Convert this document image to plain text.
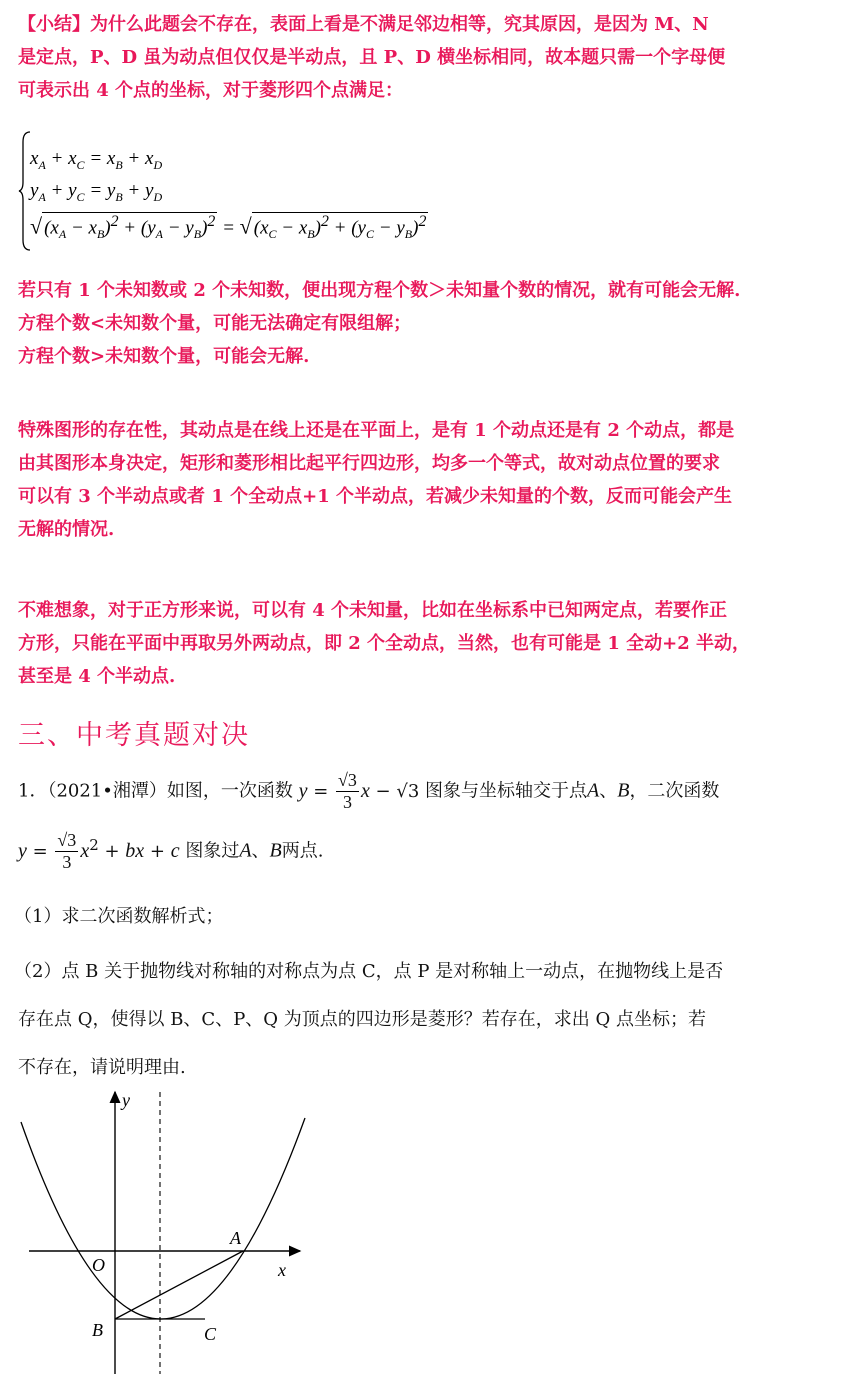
【小结】为什么此题会不存在，表面上看是不满足邻边相等，究其原因，是因为 M、N
是定点，P、D 虽为动点但仅仅是半动点，且 P、D 横坐标相同，故本题只需一个字母便
可表示出 4 个点的坐标，对于菱形四个点满足：
$x_A + x_C = x_B + x_D$
$y_A + y_C = y_B + y_D$
√ $(x_A - x_B)^2 + (y_A - y_B)^2$ = √ $(x_C - x_B)^2 + (y_C - y_B)^2$
若只有 1 个未知数或 2 个未知数，便出现方程个数＞未知量个数的情况，就有可能会无解.
方程个数<未知数个量，可能无法确定有限组解；
方程个数>未知数个量，可能会无解.
特殊图形的存在性，其动点是在线上还是在平面上，是有 1 个动点还是有 2 个动点，都是
由其图形本身决定，矩形和菱形相比起平行四边形，均多一个等式，故对动点位置的要求
可以有 3 个半动点或者 1 个全动点+1 个半动点，若减少未知量的个数，反而可能会产生
无解的情况.
不难想象，对于正方形来说，可以有 4 个未知量，比如在坐标系中已知两定点，若要作正
方形，只能在平面中再取另外两动点，即 2 个全动点，当然，也有可能是 1 全动+2 半动，
甚至是 4 个半动点.
三、中考真题对决
1．（2021•湘潭）如图，一次函数 $y = \frac{√3}{3}$ x − √3 图象与坐标轴交于点A、B，二次函数
$y = \frac{√3}{3} x^2$ + bx + c 图象过A、B两点.
（1）求二次函数解析式；
（2）点 B 关于抛物线对称轴的对称点为点 C，点 P 是对称轴上一动点，在抛物线上是否
存在点 Q，使得以 B、C、P、Q 为顶点的四边形是菱形？若存在，求出 Q 点坐标；若
不存在，请说明理由.
y
x
O
A
B	C
